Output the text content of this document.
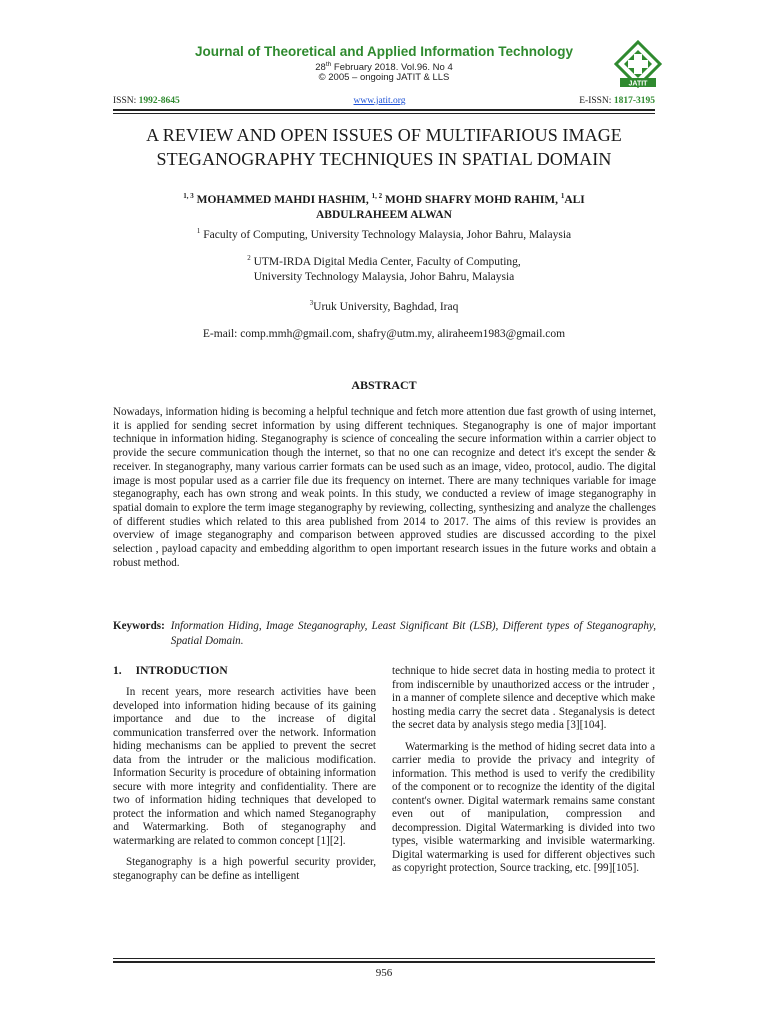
Journal of Theoretical and Applied Information Technology
28th February 2018. Vol.96. No 4
© 2005 – ongoing JATIT & LLS
JATIT
ISSN: 1992-8645	www.jatit.org	E-ISSN: 1817-3195
A REVIEW AND OPEN ISSUES OF MULTIFARIOUS IMAGE
STEGANOGRAPHY TECHNIQUES IN SPATIAL DOMAIN
$^{1, 3}$ MOHAMMED MAHDI HASHIM, $^{1, 2}$ MOHD SHAFRY MOHD RAHIM, $^1$ALI
ABDULRAHEEM ALWAN
$^1$ Faculty of Computing, University Technology Malaysia, Johor Bahru, Malaysia
$^2$ UTM-IRDA Digital Media Center, Faculty of Computing,
University Technology Malaysia, Johor Bahru, Malaysia
$^3$Uruk University, Baghdad, Iraq
E-mail: comp.mmh@gmail.com, shafry@utm.my, aliraheem1983@gmail.com
ABSTRACT
Nowadays, information hiding is becoming a helpful technique and fetch more attention due fast growth of using internet, it is applied for sending secret information by using different techniques. Steganography is one of major important technique in information hiding. Steganography is science of concealing the secure information within a carrier object to provide the secure communication though the internet, so that no one can recognize and detect it's except the sender & receiver. In steganography, many various carrier formats can be used such as an image, video, protocol, audio. The digital image is most popular used as a carrier file due its frequency on internet. There are many techniques variable for image steganography, each has own strong and weak points. In this study, we conducted a review of image steganography in spatial domain to explore the term image steganography by reviewing, collecting, synthesizing and analyze the challenges of different studies which related to this area published from 2014 to 2017. The aims of this review is provides an overview of image steganography and comparison between approved studies are discussed according to the pixel selection , payload capacity and embedding algorithm to open important research issues in the future works and obtain a robust method.
Keywords: Information Hiding, Image Steganography, Least Significant Bit (LSB), Different types of Steganography, Spatial Domain.
1. INTRODUCTION

In recent years, more research activities have been developed into information hiding because of its gaining importance and due to the increase of digital communication transferred over the network. Information hiding mechanisms can be applied to prevent the secret data from the intruder or the malicious modification. Information Security is procedure of obtaining information secure with more integrity and confidentiality. There are two of information hiding techniques that developed to protect the information and which named Steganography and Watermarking. Both of steganography and watermarking are related to common concept [1][2].

Steganography is a high powerful security provider, steganography can be define as intelligent

technique to hide secret data in hosting media to protect it from indiscernible by unauthorized access or the intruder , in a manner of complete silence and deceptive which make hosting media carry the secret data . Steganalysis is detect the secret data by analysis stego media [3][104].

Watermarking is the method of hiding secret data into a carrier media to provide the privacy and integrity of information. This method is used to verify the credibility of the component or to recognize the identity of the digital content's owner. Digital watermark remains same constant even out of manipulation, compression and decompression. Digital Watermarking is divided into two types, visible watermarking and invisible watermarking. Digital watermarking is used for different objectives such as copyright protection, Source tracking, etc. [99][105].

956
